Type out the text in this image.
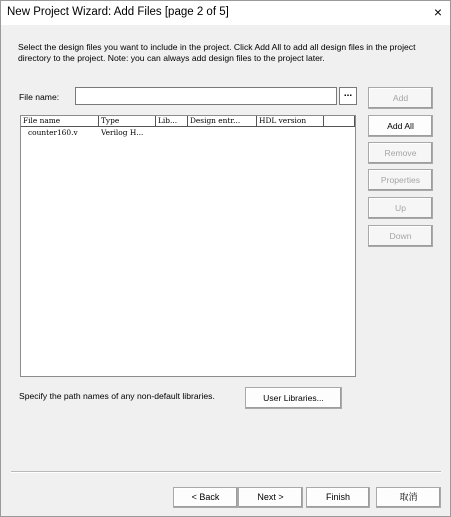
New Project Wizard: Add Files [page 2 of 5]	×
Select the design files you want to include in the project. Click Add All to add all design files in the project directory to the project. Note: you can always add design files to the project later.
File name:	...	Add
Add All
Remove
Properties
Up
Down
File name	Type	Lib...	Design entr...	HDL version
counter160.v	Verilog H...
Specify the path names of any non-default libraries.	User Libraries...
< Back	Next >	Finish	取消
